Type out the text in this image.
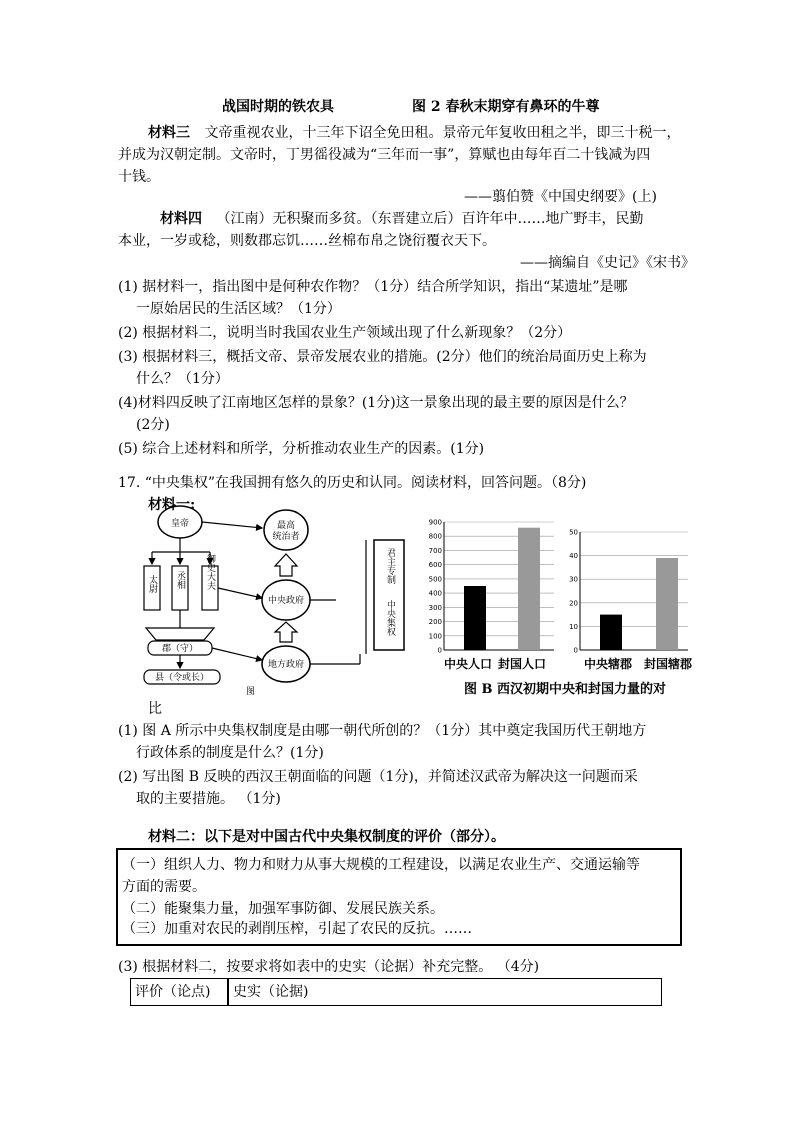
战国时期的铁农具	图 2 春秋末期穿有鼻环的牛尊
材料三 文帝重视农业，十三年下诏全免田租。景帝元年复收田租之半，即三十税一，
并成为汉朝定制。文帝时，丁男徭役减为“三年而一事”，算赋也由每年百二十钱减为四
十钱。
——翦伯赞《中国史纲要》(上)
材料四 （江南）无积聚而多贫。（东晋建立后）百许年中……地广野丰，民勤
本业，一岁或稔，则数郡忘饥……丝棉布帛之饶衍覆衣天下。
——摘编自《史记》《宋书》
(1) 据材料一，指出图中是何种农作物？（1分）结合所学知识，指出“某遗址”是哪
一原始居民的生活区域？（1分）
(2) 根据材料二，说明当时我国农业生产领域出现了什么新现象？（2分）
(3) 根据材料三，概括文帝、景帝发展农业的措施。(2分）他们的统治局面历史上称为
什么？（1分）
(4)材料四反映了江南地区怎样的景象？(1分)这一景象出现的最主要的原因是什么？
(2分)
(5) 综合上述材料和所学，分析推动农业生产的因素。(1分)
17. “中央集权”在我国拥有悠久的历史和认同。阅读材料，回答问题。（8分)
材料一:
皇帝
太尉 丞相 御史大夫
郡（守）
县（令或长）
最高
统治者
中央政府
地方政府
君主专制
中央集权
图
0
100
200
300
400
500
600
700
800
900
中央人口 封国人口
0
10
20
30
40
50
中央辖郡 封国辖郡
图 B 西汉初期中央和封国力量的对
比
(1) 图 A 所示中央集权制度是由哪一朝代所创的？（1分）其中奠定我国历代王朝地方
行政体系的制度是什么？(1分)
(2) 写出图 B 反映的西汉王朝面临的问题（1分)，并简述汉武帝为解决这一问题而采
取的主要措施。 （1分)
材料二：以下是对中国古代中央集权制度的评价（部分）。
（一）组织人力、物力和财力从事大规模的工程建设，以满足农业生产、交通运输等
方面的需要。
（二）能聚集力量，加强军事防御、发展民族关系。
（三）加重对农民的剥削压榨，引起了农民的反抗。……
(3) 根据材料二，按要求将如表中的史实（论据）补充完整。 （4分)
评价（论点) 史实（论据)
